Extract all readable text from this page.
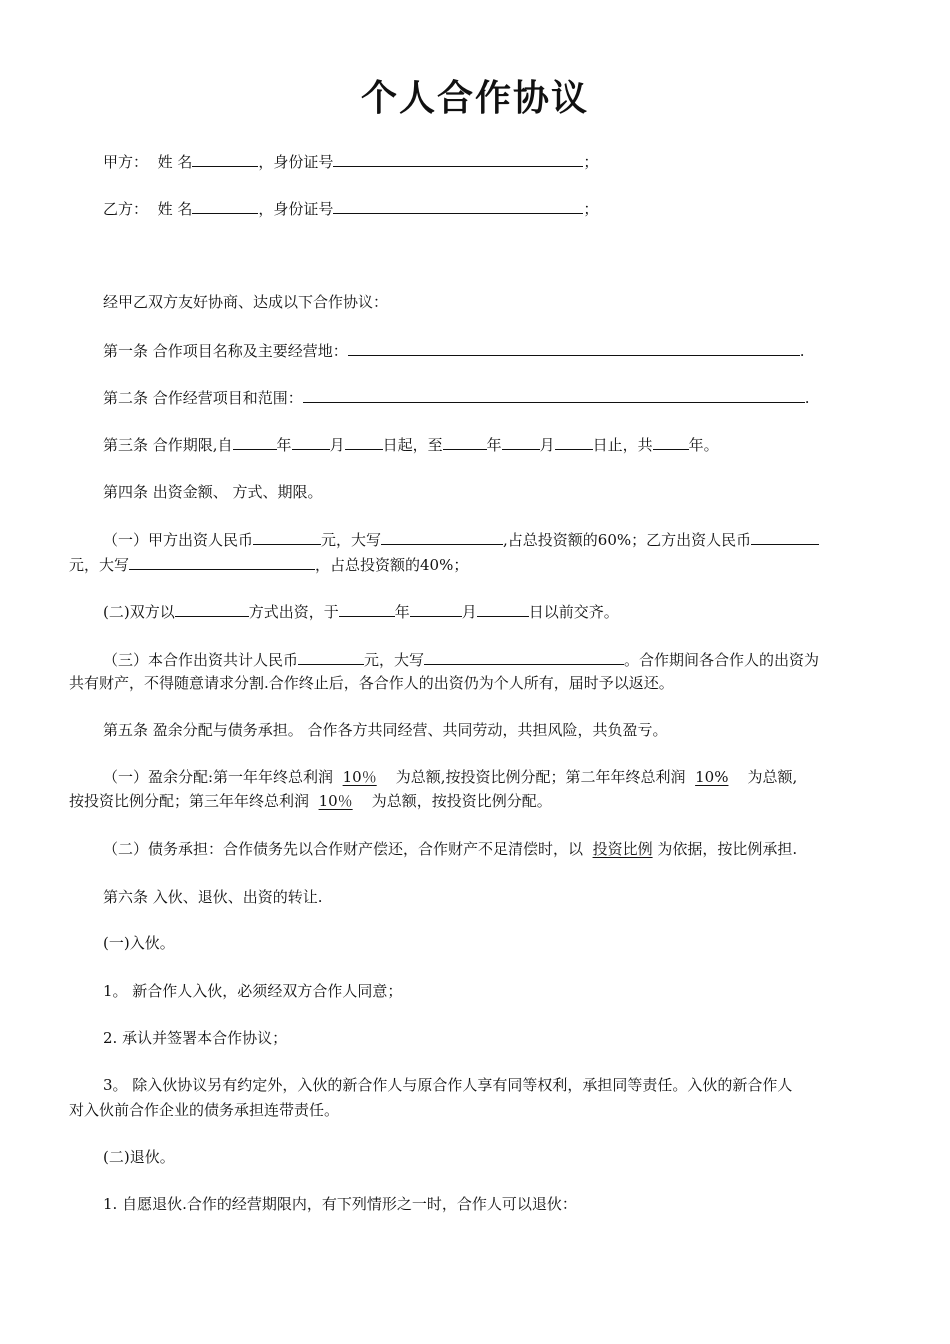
个人合作协议
甲方： 姓 名	，身份证号	；
乙方： 姓 名	，身份证号	；
经甲乙双方友好协商、达成以下合作协议：
第一条 合作项目名称及主要经营地：	.
第二条 合作经营项目和范围：	.
第三条 合作期限,自	年	月	日起，至	年	月	日止，共 年。
第四条 出资金额、 方式、期限。
（一）甲方出资人民币	元，大写	,占总投资额的60%；乙方出资人民币
元，大写	，占总投资额的40%；
(二)双方以	方式出资，于	年	月	日以前交齐。
（三）本合作出资共计人民币	元，大写	。合作期间各合作人的出资为
共有财产，不得随意请求分割.合作终止后，各合作人的出资仍为个人所有，届时予以返还。
第五条 盈余分配与债务承担。 合作各方共同经营、共同劳动，共担风险，共负盈亏。
（一）盈余分配:第一年年终总利润 10％ 为总额,按投资比例分配；第二年年终总利润 10% 为总额,
按投资比例分配；第三年年终总利润 10％ 为总额，按投资比例分配。
（二）债务承担：合作债务先以合作财产偿还，合作财产不足清偿时，以 投资比例 为依据，按比例承担.
第六条 入伙、退伙、出资的转让.
(一)入伙。
1。 新合作人入伙，必须经双方合作人同意；
2. 承认并签署本合作协议；
3。 除入伙协议另有约定外，入伙的新合作人与原合作人享有同等权利，承担同等责任。入伙的新合作人
对入伙前合作企业的债务承担连带责任。
(二)退伙。
1. 自愿退伙.合作的经营期限内，有下列情形之一时，合作人可以退伙：
